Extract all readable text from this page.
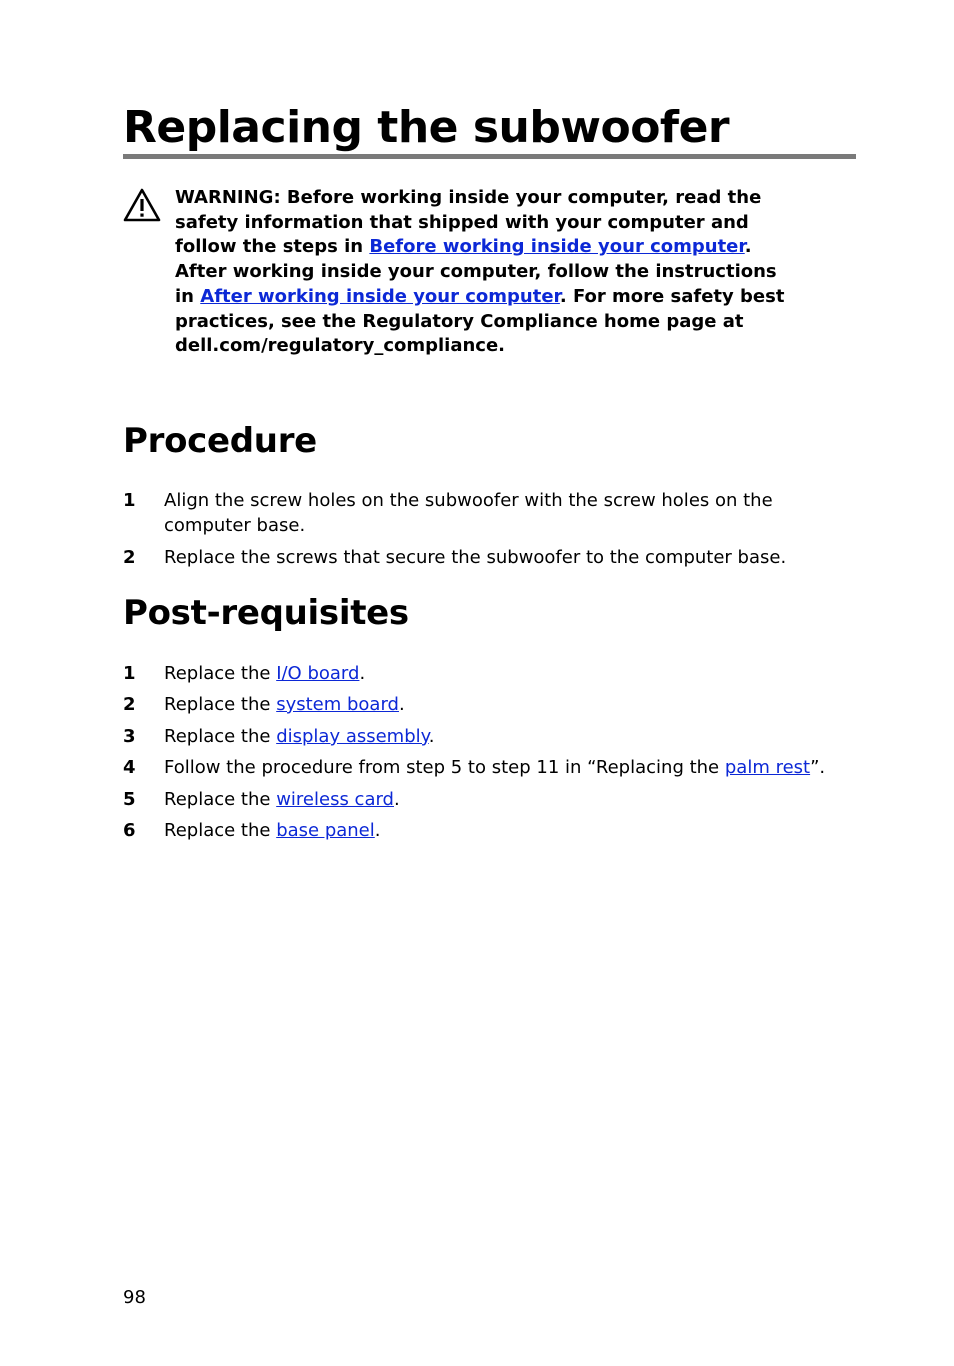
Replacing the subwoofer

WARNING: Before working inside your computer, read the
safety information that shipped with your computer and
follow the steps in Before working inside your computer.
After working inside your computer, follow the instructions
in After working inside your computer. For more safety best
practices, see the Regulatory Compliance home page at
dell.com/regulatory_compliance.

Procedure
1	Align the screw holes on the subwoofer with the screw holes on the
computer base.
2	Replace the screws that secure the subwoofer to the computer base.
Post-requisites
1	Replace the I/O board.
2	Replace the system board.
3	Replace the display assembly.
4	Follow the procedure from step 5 to step 11 in “Replacing the palm rest”.
5	Replace the wireless card.
6	Replace the base panel.
98
